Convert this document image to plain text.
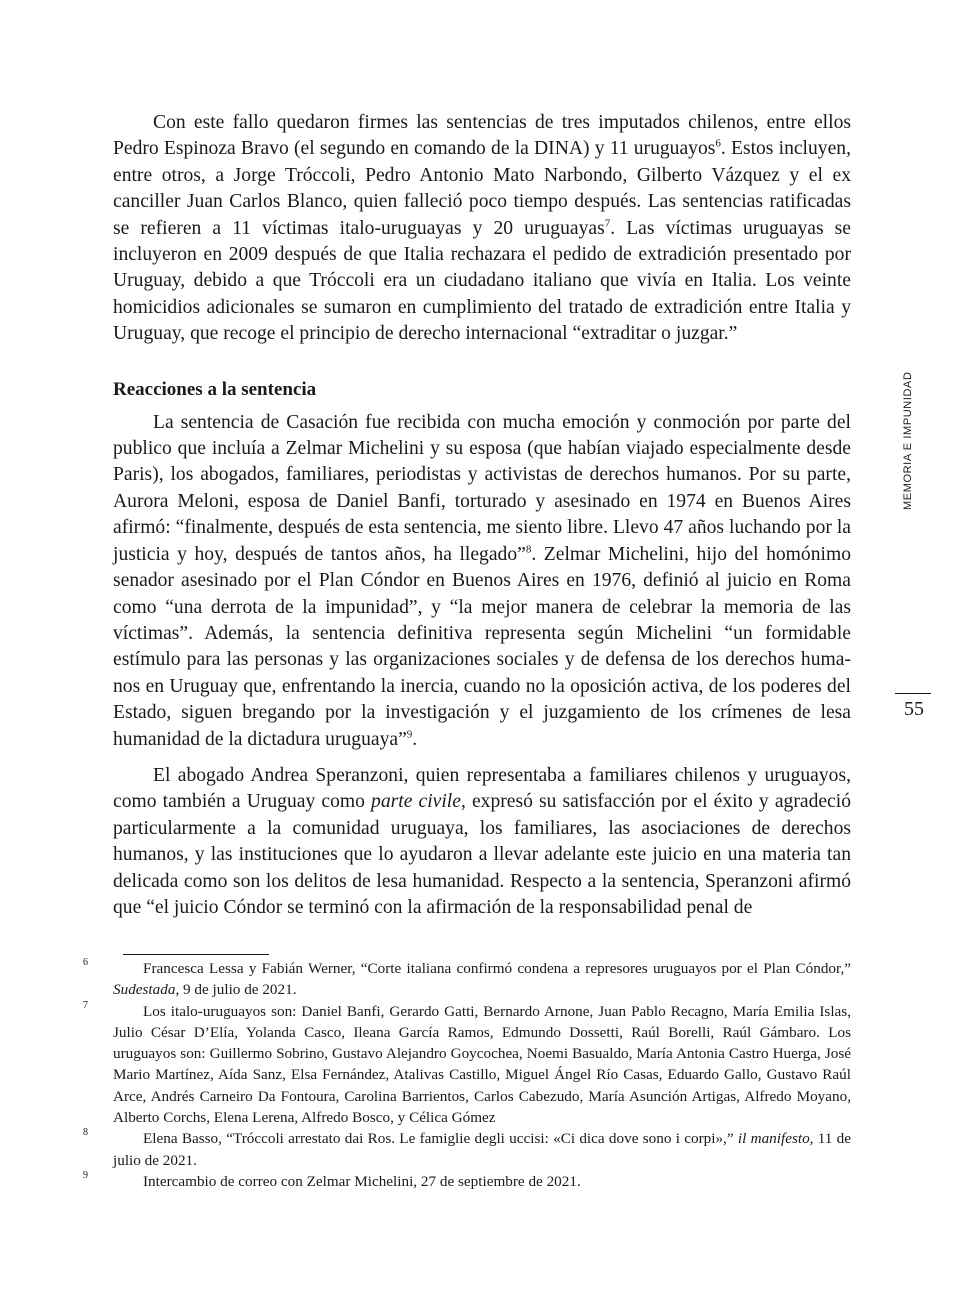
Con este fallo quedaron firmes las sentencias de tres imputados chilenos, entre ellos Pedro Espinoza Bravo (el segundo en comando de la DINA) y 11 uruguayos$^6$. Estos incluyen, entre otros, a Jorge Tróccoli, Pedro Antonio Mato Narbondo, Gilberto Vázquez y el ex canciller Juan Carlos Blanco, quien falleció poco tiempo después. Las sentencias ratificadas se refieren a 11 víctimas italo-uruguayas y 20 uruguayas$^7$. Las víctimas uruguayas se incluyeron en 2009 después de que Italia rechazara el pedido de extradición presentado por Uruguay, debido a que Tróccoli era un ciudadano italiano que vivía en Italia. Los veinte homicidios adicionales se sumaron en cumplimiento del tratado de extradición entre Italia y Uruguay, que recoge el principio de derecho internacional “extraditar o juzgar.”

Reacciones a la sentencia

La sentencia de Casación fue recibida con mucha emoción y conmoción por parte del publico que incluía a Zelmar Michelini y su esposa (que habían viajado especialmente desde Paris), los abogados, familiares, periodistas y activistas de derechos humanos. Por su parte, Aurora Meloni, esposa de Daniel Banfi, torturado y asesinado en 1974 en Buenos Aires afirmó: “finalmente, después de esta sentencia, me siento libre. Llevo 47 años luchando por la justicia y hoy, después de tantos años, ha llegado”$^8$. Zelmar Michelini, hijo del homónimo senador asesinado por el Plan Cóndor en Buenos Aires en 1976, definió al juicio en Roma como “una derrota de la impunidad”, y “la mejor manera de celebrar la memoria de las víctimas”. Además, la sentencia definitiva representa según Michelini “un formidable estímulo para las personas y las organizaciones sociales y de defensa de los derechos humanos en Uruguay que, enfrentando la inercia, cuando no la oposición activa, de los poderes del Estado, siguen bregando por la investigación y el juzgamiento de los crímenes de lesa humanidad de la dictadura uruguaya”$^9$.

El abogado Andrea Speranzoni, quien representaba a familiares chilenos y uruguayos, como también a Uruguay como parte civile, expresó su satisfacción por el éxito y agradeció particularmente a la comunidad uruguaya, los familiares, las asociaciones de derechos humanos, y las instituciones que lo ayudaron a llevar adelante este juicio en una materia tan delicada como son los delitos de lesa humanidad. Respecto a la sentencia, Speranzoni afirmó que “el juicio Cóndor se terminó con la afirmación de la responsabilidad penal de

6	Francesca Lessa y Fabián Werner, “Corte italiana confirmó condena a represores uruguayos por el Plan Cóndor,” Sudestada, 9 de julio de 2021.

7	Los italo-uruguayos son: Daniel Banfi, Gerardo Gatti, Bernardo Arnone, Juan Pablo Recagno, María Emilia Islas, Julio César D’Elía, Yolanda Casco, Ileana García Ramos, Edmundo Dossetti, Raúl Borelli, Raúl Gámbaro. Los uruguayos son: Guillermo Sobrino, Gustavo Alejandro Goycochea, Noemi Basualdo, María Antonia Castro Huerga, José Mario Martínez, Aída Sanz, Elsa Fernández, Atalivas Castillo, Miguel Ángel Río Casas, Eduardo Gallo, Gustavo Raúl Arce, Andrés Carneiro Da Fontoura, Carolina Barrientos, Carlos Cabezudo, María Asunción Artigas, Alfredo Moyano, Alberto Corchs, Elena Lerena, Alfredo Bosco, y Célica Gómez

8	Elena Basso, “Tróccoli arrestato dai Ros. Le famiglie degli uccisi: «Ci dica dove sono i corpi»,” il manifesto, 11 de julio de 2021.

9	Intercambio de correo con Zelmar Michelini, 27 de septiembre de 2021.

MEMORIA E IMPUNIDAD
55
